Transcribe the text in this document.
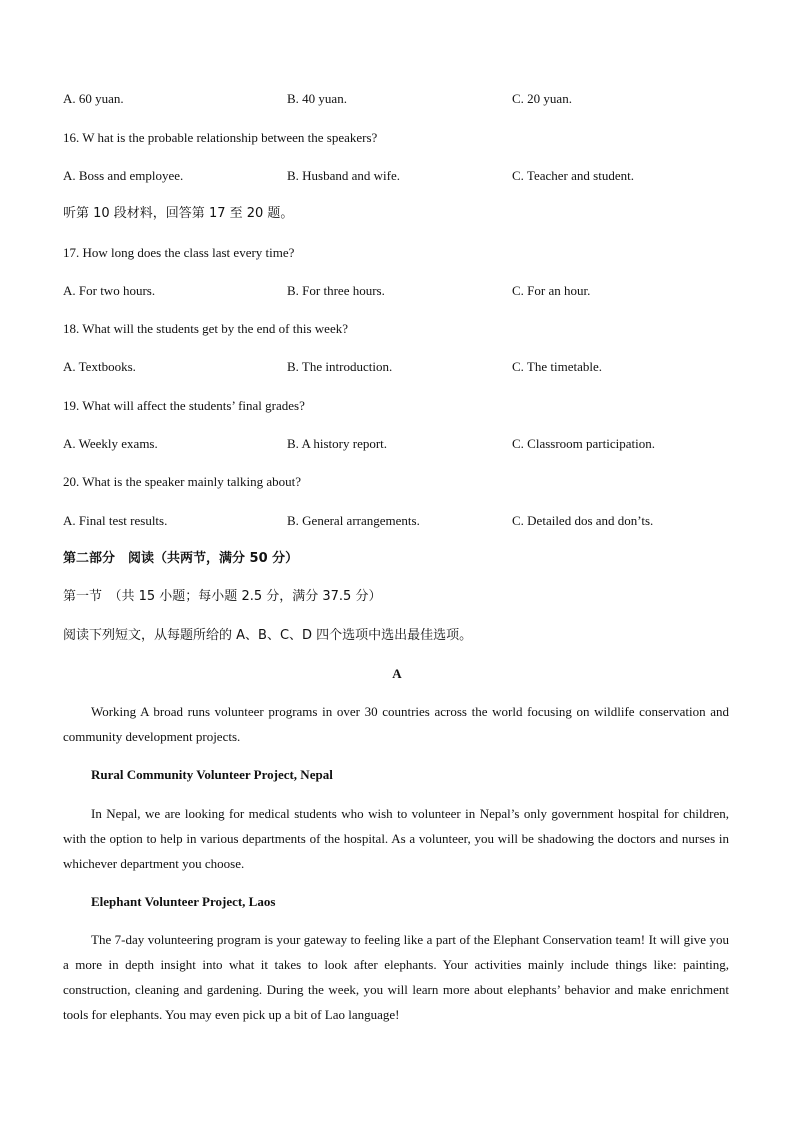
A. 60 yuan.	B. 40 yuan.	C. 20 yuan.
16. W hat is the probable relationship between the speakers?
A. Boss and employee.	B. Husband and wife.	C. Teacher and student.
听第 10 段材料，回答第 17 至 20 题。
17. How long does the class last every time?
A. For two hours.	B. For three hours.	C. For an hour.
18. What will the students get by the end of this week?
A. Textbooks.	B. The introduction.	C. The timetable.
19. What will affect the students’ final grades?
A. Weekly exams.	B. A history report.	C. Classroom participation.
20. What is the speaker mainly talking about?
A. Final test results.	B. General arrangements.	C. Detailed dos and don’ts.
第二部分　阅读（共两节，满分 50 分）
第一节　（共 15 小题；每小题 2.5 分，满分 37.5 分）
阅读下列短文，从每题所给的 A、B、C、D 四个选项中选出最佳选项。
A
Working A broad runs volunteer programs in over 30 countries across the world focusing on wildlife conservation and community development projects.
Rural Community Volunteer Project, Nepal
In Nepal, we are looking for medical students who wish to volunteer in Nepal’s only government hospital for children, with the option to help in various departments of the hospital. As a volunteer, you will be shadowing the doctors and nurses in whichever department you choose.
Elephant Volunteer Project, Laos
The 7-day volunteering program is your gateway to feeling like a part of the Elephant Conservation team! It will give you a more in depth insight into what it takes to look after elephants. Your activities mainly include things like: painting, construction, cleaning and gardening. During the week, you will learn more about elephants’ behavior and make enrichment tools for elephants. You may even pick up a bit of Lao language!
